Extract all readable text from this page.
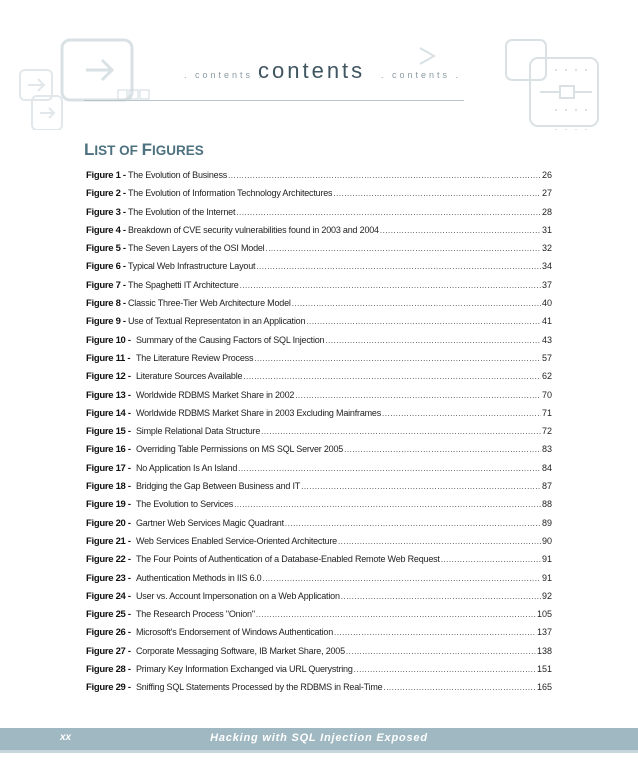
. contents .
contents . contents .
LIST OF FIGURES
Figure 1 - The Evolution of Business .....	26
Figure 2 - The Evolution of Information Technology Architectures .....	27
Figure 3 - The Evolution of the Internet .....	28
Figure 4 - Breakdown of CVE security vulnerabilities found in 2003 and 2004 .....	31
Figure 5 - The Seven Layers of the OSI Model .....	32
Figure 6 - Typical Web Infrastructure Layout .....	34
Figure 7 - The Spaghetti IT Architecture .....	37
Figure 8 - Classic Three-Tier Web Architecture Model .....	40
Figure 9 - Use of Textual Representaton in an Application .....	41
Figure 10 - Summary of the Causing Factors of SQL Injection .....	43
Figure 11 - The Literature Review Process .....	57
Figure 12 - Literature Sources Available .....	62
Figure 13 - Worldwide RDBMS Market Share in 2002 .....	70
Figure 14 - Worldwide RDBMS Market Share in 2003 Excluding Mainframes .....	71
Figure 15 - Simple Relational Data Structure .....	72
Figure 16 - Overriding Table Permissions on MS SQL Server 2005 .....	83
Figure 17 - No Application Is An Island .....	84
Figure 18 - Bridging the Gap Between Business and IT .....	87
Figure 19 - The Evolution to Services .....	88
Figure 20 - Gartner Web Services Magic Quadrant .....	89
Figure 21 - Web Services Enabled Service-Oriented Architecture .....	90
Figure 22 - The Four Points of Authentication of a Database-Enabled Remote Web Request .....	91
Figure 23 - Authentication Methods in IIS 6.0 .....	91
Figure 24 - User vs. Account Impersonation on a Web Application .....	92
Figure 25 - The Research Process "Onion" .....	105
Figure 26 - Microsoft's Endorsement of Windows Authentication .....	137
Figure 27 - Corporate Messaging Software, IB Market Share, 2005 .....	138
Figure 28 - Primary Key Information Exchanged via URL Querystring .....	151
Figure 29 - Sniffing SQL Statements Processed by the RDBMS in Real-Time .....	165
xx	Hacking with SQL Injection Exposed
